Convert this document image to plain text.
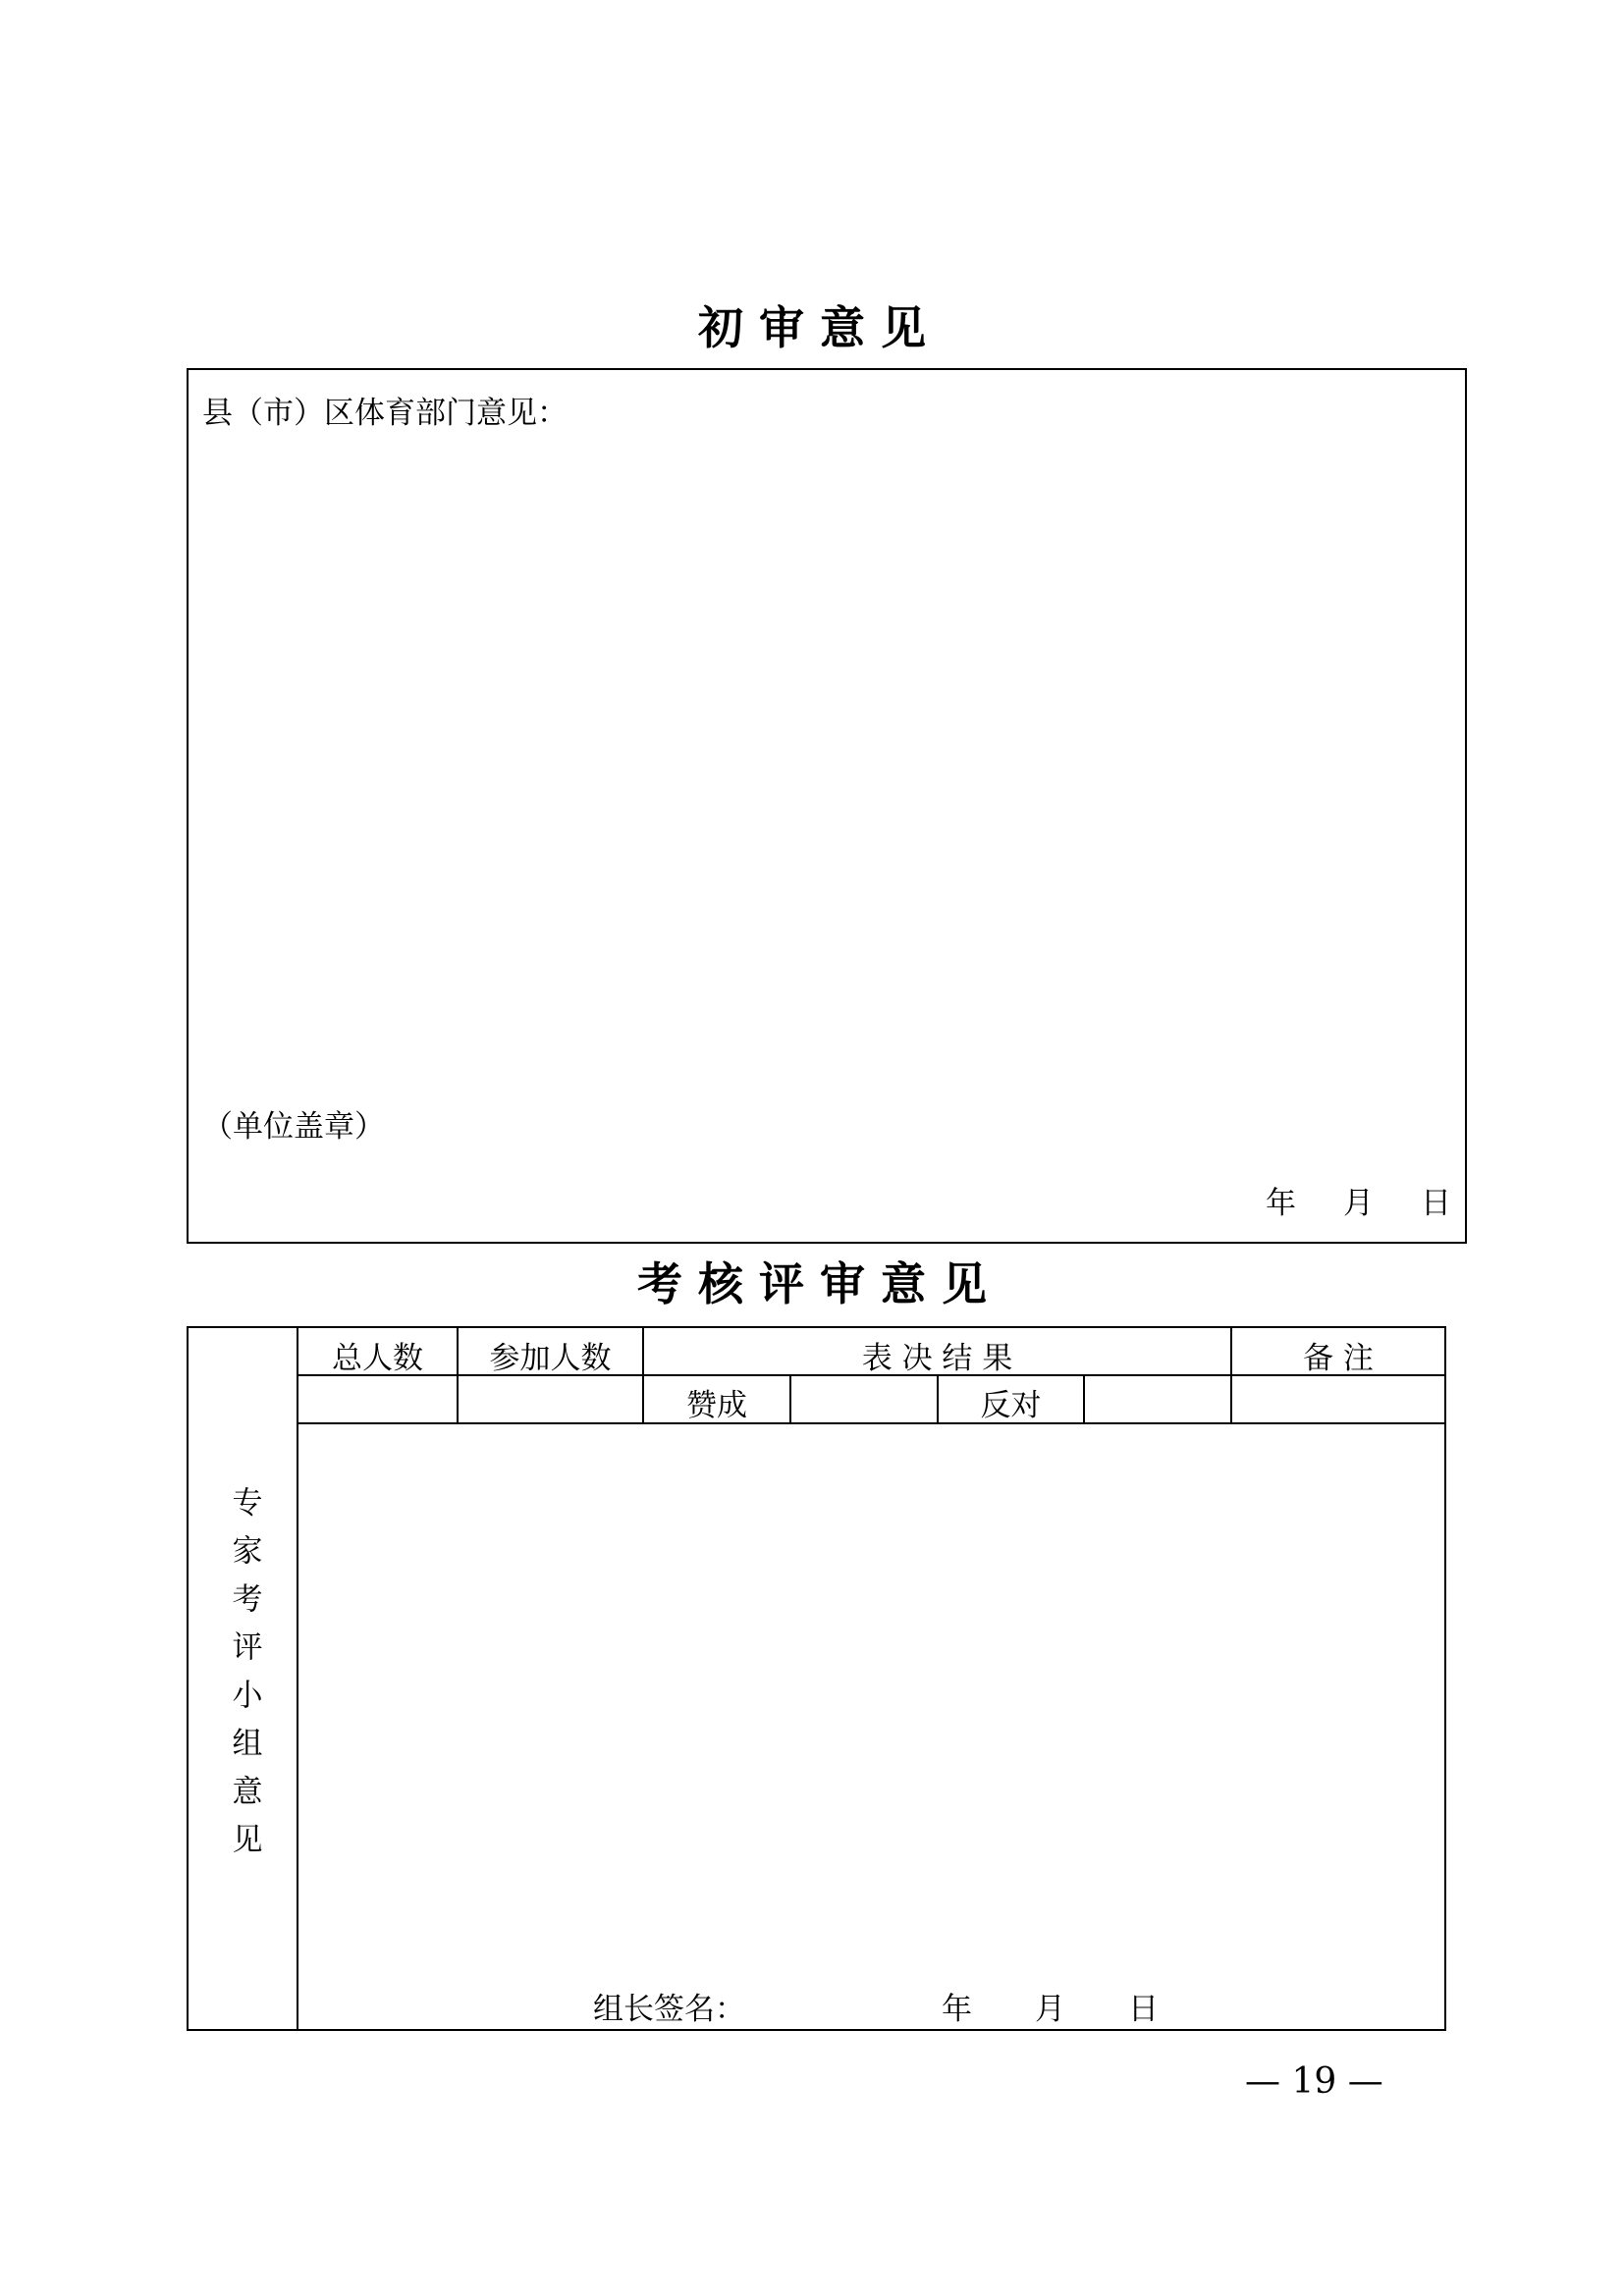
初 审 意 见
县（市）区体育部门意见：
（单位盖章）
年 月 日
考 核 评 审 意 见
专家考评小组意见
总人数	参加人数	表 决 结 果	备 注
赞成	反对
组长签名：	年 月 日
— 19 —
